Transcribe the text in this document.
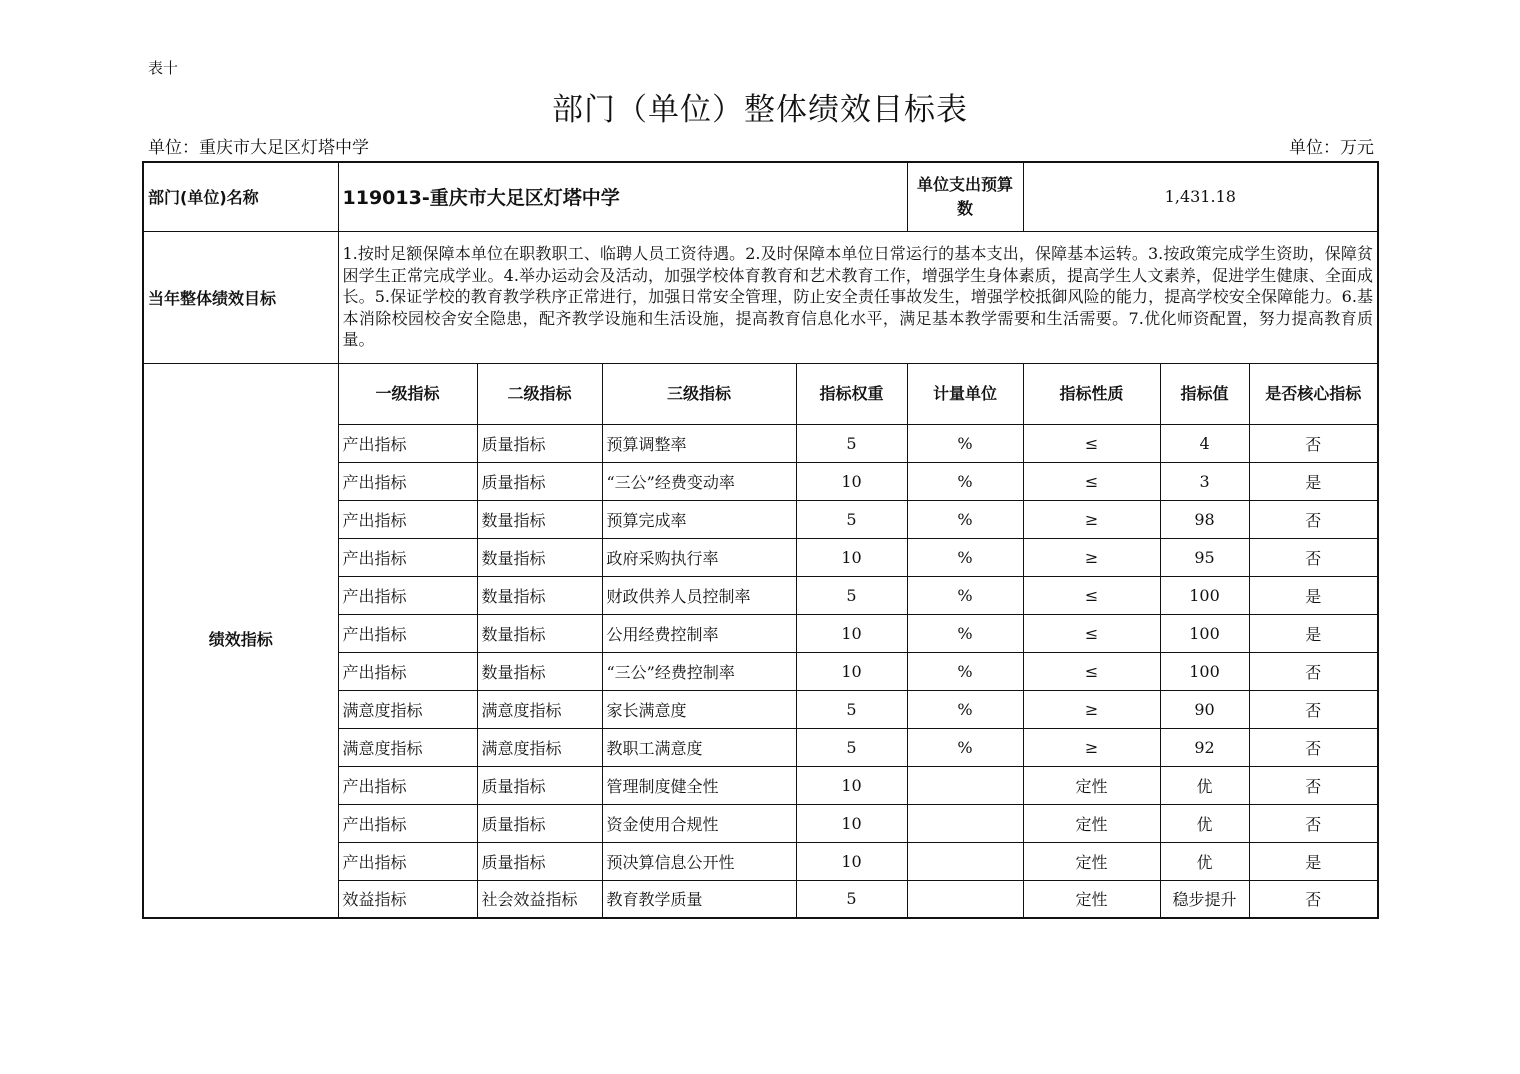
表十
部门（单位）整体绩效目标表
单位：重庆市大足区灯塔中学	单位：万元
部门(单位)名称	119013-重庆市大足区灯塔中学				单位支出预算数	1,431.18		
当年整体绩效目标	1.按时足额保障本单位在职教职工、临聘人员工资待遇。2.及时保障本单位日常运行的基本支出，保障基本运转。3.按政策完成学生资助，保障贫困学生正常完成学业。4.举办运动会及活动，加强学校体育教育和艺术教育工作，增强学生身体素质，提高学生人文素养，促进学生健康、全面成长。5.保证学校的教育教学秩序正常进行，加强日常安全管理，防止安全责任事故发生，增强学校抵御风险的能力，提高学校安全保障能力。6.基本消除校园校舍安全隐患，配齐教学设施和生活设施，提高教育信息化水平，满足基本教学需要和生活需要。7.优化师资配置，努力提高教育质量。							
绩效指标	一级指标	二级指标	三级指标	指标权重	计量单位	指标性质	指标值	是否核心指标
	产出指标	质量指标	预算调整率	5	%	≤	4	否
	产出指标	质量指标	“三公”经费变动率	10	%	≤	3	是
	产出指标	数量指标	预算完成率	5	%	≥	98	否
	产出指标	数量指标	政府采购执行率	10	%	≥	95	否
	产出指标	数量指标	财政供养人员控制率	5	%	≤	100	是
	产出指标	数量指标	公用经费控制率	10	%	≤	100	是
	产出指标	数量指标	“三公”经费控制率	10	%	≤	100	否
	满意度指标	满意度指标	家长满意度	5	%	≥	90	否
	满意度指标	满意度指标	教职工满意度	5	%	≥	92	否
	产出指标	质量指标	管理制度健全性	10		定性	优	否
	产出指标	质量指标	资金使用合规性	10		定性	优	否
	产出指标	质量指标	预决算信息公开性	10		定性	优	是
	效益指标	社会效益指标	教育教学质量	5		定性	稳步提升	否
